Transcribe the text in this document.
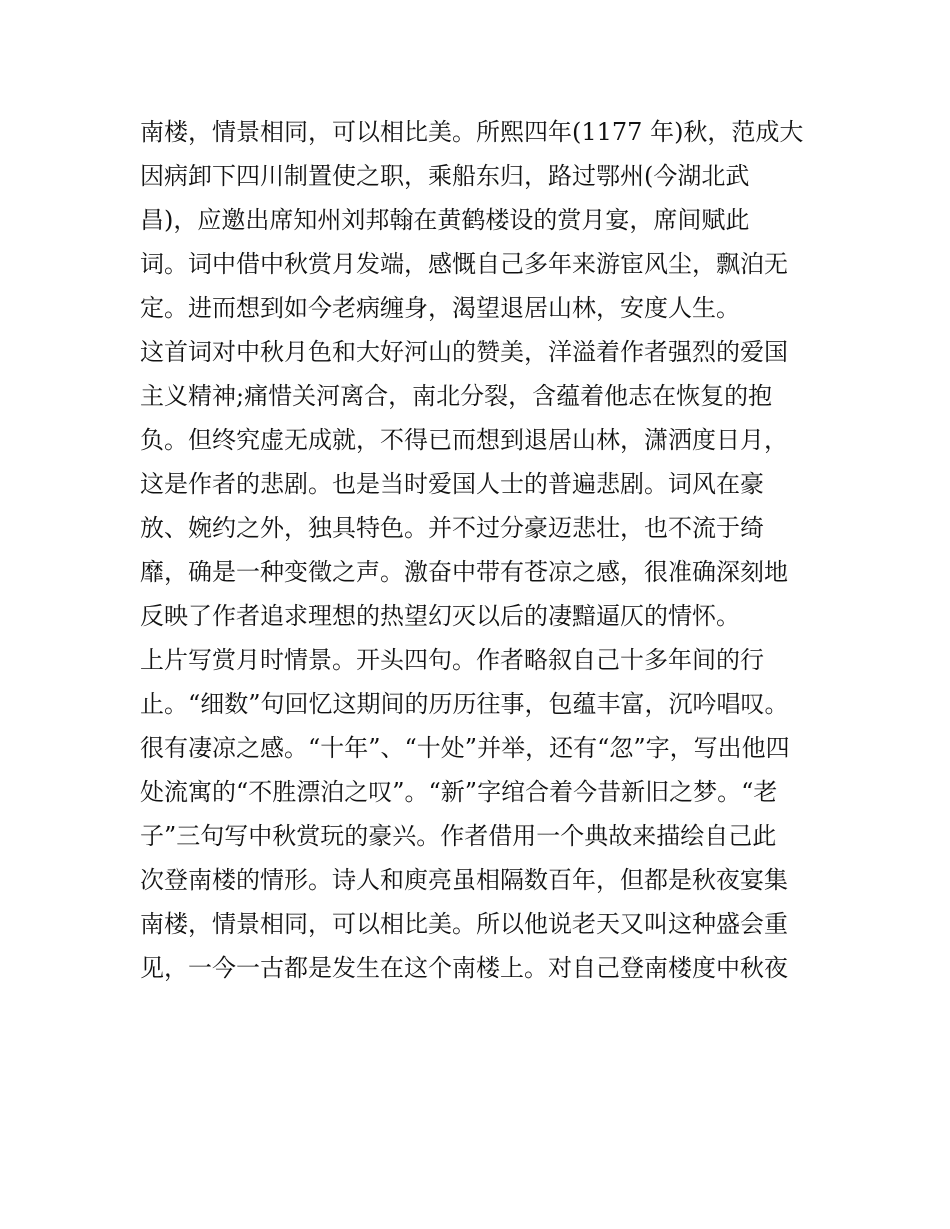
南楼，情景相同，可以相比美。所熙四年(1177 年)秋，范成大
因病卸下四川制置使之职，乘船东归，路过鄂州(今湖北武
昌)，应邀出席知州刘邦翰在黄鹤楼设的赏月宴，席间赋此
词。词中借中秋赏月发端，感慨自己多年来游宦风尘，飘泊无
定。进而想到如今老病缠身，渴望退居山林，安度人生。
这首词对中秋月色和大好河山的赞美，洋溢着作者强烈的爱国
主义精神;痛惜关河离合，南北分裂，含蕴着他志在恢复的抱
负。但终究虚无成就，不得已而想到退居山林，潇洒度日月，
这是作者的悲剧。也是当时爱国人士的普遍悲剧。词风在豪
放、婉约之外，独具特色。并不过分豪迈悲壮，也不流于绮
靡，确是一种变徵之声。激奋中带有苍凉之感，很准确深刻地
反映了作者追求理想的热望幻灭以后的凄黯逼仄的情怀。
上片写赏月时情景。开头四句。作者略叙自己十多年间的行
止。“细数”句回忆这期间的历历往事，包蕴丰富，沉吟唱叹。
很有凄凉之感。“十年”、“十处”并举，还有“忽”字，写出他四
处流寓的“不胜漂泊之叹”。“新”字绾合着今昔新旧之梦。“老
子”三句写中秋赏玩的豪兴。作者借用一个典故来描绘自己此
次登南楼的情形。诗人和庾亮虽相隔数百年，但都是秋夜宴集
南楼，情景相同，可以相比美。所以他说老天又叫这种盛会重
见，一今一古都是发生在这个南楼上。对自己登南楼度中秋夜
